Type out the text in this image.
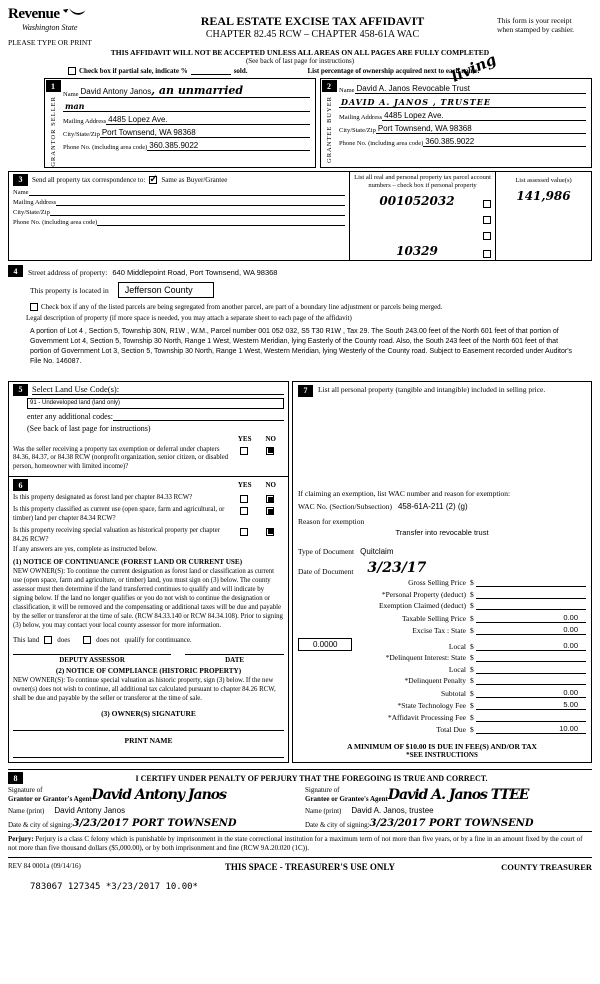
Revenue
Washington State
PLEASE TYPE OR PRINT
REAL ESTATE EXCISE TAX AFFIDAVIT
CHAPTER 82.45 RCW – CHAPTER 458-61A WAC
This form is your receipt
when stamped by cashier.
THIS AFFIDAVIT WILL NOT BE ACCEPTED UNLESS ALL AREAS ON ALL PAGES ARE FULLY COMPLETED
(See back of last page for instructions)
Check box if partial sale, indicate %	sold.	List percentage of ownership acquired next to each name.
living
1
GRANTOR SELLER
Name David Antony Janos, an unmarried
man
Mailing Address 4485 Lopez Ave.
City/State/Zip Port Townsend, WA 98368
Phone No. (including area code) 360.385.9022
2
GRANTEE BUYER
Name David A. Janos Revocable Trust
DAVID A. JANOS , TRUSTEE
Mailing Address 4485 Lopez Ave.
City/State/Zip Port Townsend, WA 98368
Phone No. (including area code) 360.385.9022
3	Send all property tax correspondence to: ✓ Same as Buyer/Grantee
Name
Mailing Address
City/State/Zip
Phone No. (including area code)
List all real and personal property tax parcel account
numbers – check box if personal property
001052032
10329
List assessed value(s)
141,986
4	Street address of property: 640 Middlepoint Road, Port Townsend, WA 98368
This property is located in	Jefferson County
Check box if any of the listed parcels are being segregated from another parcel, are part of a boundary line adjustment or parcels being merged.
Legal description of property (if more space is needed, you may attach a separate sheet to each page of the affidavit)
A portion of Lot 4 , Section 5, Township 30N, R1W , W.M., Parcel number 001 052 032, S5 T30 R1W , Tax 29. The South 243.00 feet of the North 601 feet of that portion of Government Lot 4, Section 5, Township 30 North, Range 1 West, Western Meridian, lying Easterly of the County road. Also, the South 243 feet of the North 601 feet of that portion of Government Lot 3, Section 5, Township 30 North, Range 1 West, Western Meridian, lying Westerly of the County road. Subject to Easement recorded under Auditor's File No. 146087.
5	Select Land Use Code(s):
91 - Undeveloped land (land only)
enter any additional codes:
(See back of last page for instructions)
YES NO
Was the seller receiving a property tax exemption or deferral under chapters 84.36, 84.37, or 84.38 RCW (nonprofit organization, senior citizen, or disabled person, homeowner with limited income)?
6	YES NO
Is this property designated as forest land per chapter 84.33 RCW?
Is this property classified as current use (open space, farm and agricultural, or timber) land per chapter 84.34 RCW?
Is this property receiving special valuation as historical property per chapter 84.26 RCW?
If any answers are yes, complete as instructed below.
(1) NOTICE OF CONTINUANCE (FOREST LAND OR CURRENT USE)
NEW OWNER(S): To continue the current designation as forest land or classification as current use (open space, farm and agriculture, or timber) land, you must sign on (3) below. The county assessor must then determine if the land transferred continues to qualify and will indicate by signing below. If the land no longer qualifies or you do not wish to continue the designation or classification, it will be removed and the compensating or additional taxes will be due and payable by the seller or transferor at the time of sale. (RCW 84.33.140 or RCW 84.34.108). Prior to signing (3) below, you may contact your local county assessor for more information.
This land	does	does not qualify for continuance.
DEPUTY ASSESSOR	DATE
(2) NOTICE OF COMPLIANCE (HISTORIC PROPERTY)
NEW OWNER(S): To continue special valuation as historic property, sign (3) below. If the new owner(s) does not wish to continue, all additional tax calculated pursuant to chapter 84.26 RCW, shall be due and payable by the seller or transferor at the time of sale.
(3) OWNER(S) SIGNATURE
PRINT NAME
7	List all personal property (tangible and intangible) included in selling price.
If claiming an exemption, list WAC number and reason for exemption:
WAC No. (Section/Subsection) 458-61A-211 (2) (g)
Reason for exemption
Transfer into revocable trust
Type of Document Quitclaim
Date of Document	3/23/17
Gross Selling Price $
*Personal Property (deduct) $
Exemption Claimed (deduct) $
Taxable Selling Price $	0.00
Excise Tax : State $	0.00
0.0000	Local $	0.00
*Delinquent Interest: State $
Local $
*Delinquent Penalty $
Subtotal $	0.00
*State Technology Fee $	5.00
*Affidavit Processing Fee $
Total Due $	10.00
A MINIMUM OF $10.00 IS DUE IN FEE(S) AND/OR TAX
*SEE INSTRUCTIONS
8	I CERTIFY UNDER PENALTY OF PERJURY THAT THE FOREGOING IS TRUE AND CORRECT.
Signature of
Grantor or Grantor's Agent David Antony Janos
Name (print)	David Antony Janos
Date & city of signing: 3/23/2017 PORT TOWNSEND
Signature of
Grantee or Grantee's Agent David A. Janos TTEE
Name (print)	David A. Janos, trustee
Date & city of signing: 3/23/2017 PORT TOWNSEND
Perjury: Perjury is a class C felony which is punishable by imprisonment in the state correctional institution for a maximum term of not more than five years, or by a fine in an amount fixed by the court of not more than five thousand dollars ($5,000.00), or by both imprisonment and fine (RCW 9A.20.020 (1C)).
REV 84 0001a (09/14/16)	THIS SPACE - TREASURER'S USE ONLY	COUNTY TREASURER
783067 127345 *3/23/2017 10.00*
